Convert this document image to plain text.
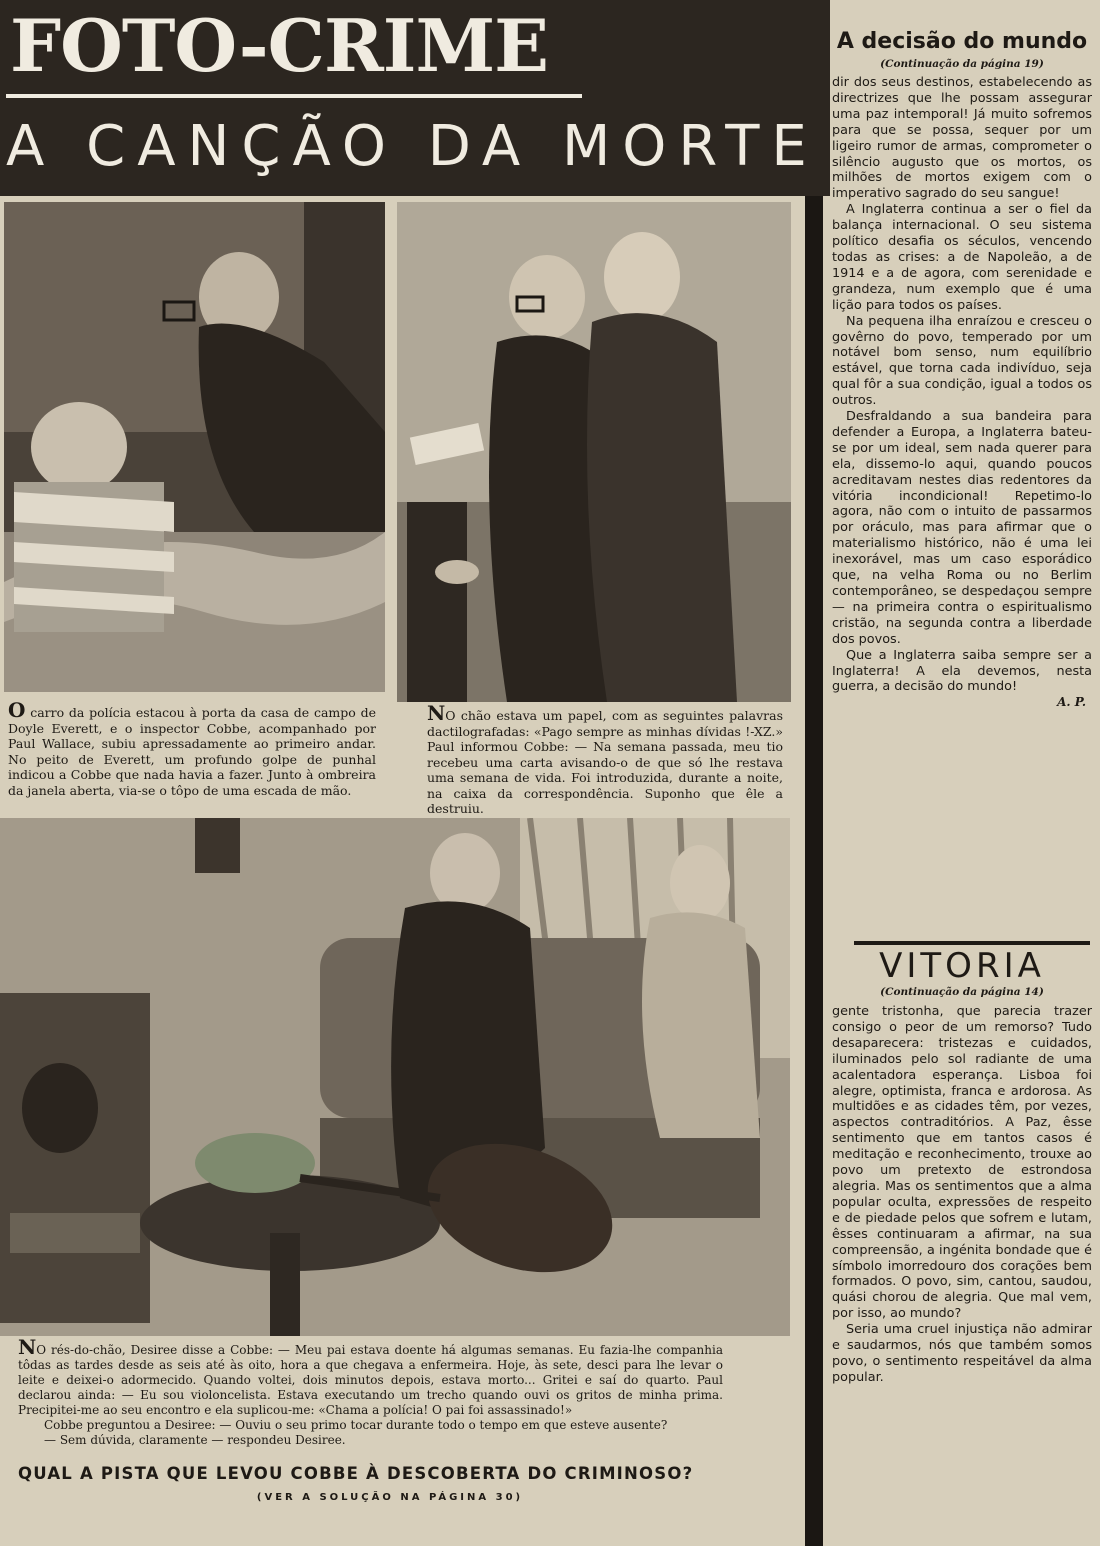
FOTO-CRIME
A CANÇÃO DA MORTE
O carro da polícia estacou à porta da casa de campo de Doyle Everett, e o inspector Cobbe, acompanhado por Paul Wallace, subiu apressadamente ao primeiro andar. No peito de Everett, um profundo golpe de punhal indicou a Cobbe que nada havia a fazer. Junto à ombreira da janela aberta, via-se o tôpo de uma escada de mão.
NO chão estava um papel, com as seguintes palavras dactilografadas: «Pago sempre as minhas dívidas !-XZ.» Paul informou Cobbe: — Na semana passada, meu tio recebeu uma carta avisando-o de que só lhe restava uma semana de vida. Foi introduzida, durante a noite, na caixa da correspondência. Suponho que êle a destruiu.

NO rés-do-chão, Desiree disse a Cobbe: — Meu pai estava doente há algumas semanas. Eu fazia-lhe companhia tôdas as tardes desde as seis até às oito, hora a que chegava a enfermeira. Hoje, às sete, desci para lhe levar o leite e deixei-o adormecido. Quando voltei, dois minutos depois, estava morto... Gritei e saí do quarto. Paul declarou ainda: — Eu sou violoncelista. Estava executando um trecho quando ouvi os gritos de minha prima. Precipitei-me ao seu encontro e ela suplicou-me: «Chama a polícia! O pai foi assassinado!»

Cobbe preguntou a Desiree: — Ouviu o seu primo tocar durante todo o tempo em que esteve ausente?

— Sem dúvida, claramente — respondeu Desiree.

QUAL A PISTA QUE LEVOU COBBE À DESCOBERTA DO CRIMINOSO?
(VER A SOLUÇÃO NA PÁGINA 30)
A decisão do mundo
(Continuação da página 19)

dir dos seus destinos, estabelecendo as directrizes que lhe possam assegurar uma paz intemporal! Já muito sofremos para que se possa, sequer por um ligeiro rumor de armas, comprometer o silêncio augusto que os mortos, os milhões de mortos exigem com o imperativo sagrado do seu sangue!

A Inglaterra continua a ser o fiel da balança internacional. O seu sistema político desafia os séculos, vencendo todas as crises: a de Napoleão, a de 1914 e a de agora, com serenidade e grandeza, num exemplo que é uma lição para todos os países.

Na pequena ilha enraízou e cresceu o govêrno do povo, temperado por um notável bom senso, num equilíbrio estável, que torna cada indivíduo, seja qual fôr a sua condição, igual a todos os outros.

Desfraldando a sua bandeira para defender a Europa, a Inglaterra bateu-se por um ideal, sem nada querer para ela, dissemo-lo aqui, quando poucos acreditavam nestes dias redentores da vitória incondicional! Repetimo-lo agora, não com o intuito de passarmos por oráculo, mas para afirmar que o materialismo histórico, não é uma lei inexorável, mas um caso esporádico que, na velha Roma ou no Berlim contemporâneo, se despedaçou sempre — na primeira contra o espiritualismo cristão, na segunda contra a liberdade dos povos.

Que a Inglaterra saiba sempre ser a Inglaterra! A ela devemos, nesta guerra, a decisão do mundo!

A. P.
VITORIA
(Continuação da página 14)

gente tristonha, que parecia trazer consigo o peor de um remorso? Tudo desaparecera: tristezas e cuidados, iluminados pelo sol radiante de uma acalentadora esperança. Lisboa foi alegre, optimista, franca e ardorosa. As multidões e as cidades têm, por vezes, aspectos contraditórios. A Paz, êsse sentimento que em tantos casos é meditação e reconhecimento, trouxe ao povo um pretexto de estrondosa alegria. Mas os sentimentos que a alma popular oculta, expressões de respeito e de piedade pelos que sofrem e lutam, êsses continuaram a afirmar, na sua compreensão, a ingénita bondade que é símbolo imorredouro dos corações bem formados. O povo, sim, cantou, saudou, quási chorou de alegria. Que mal vem, por isso, ao mundo?

Seria uma cruel injustiça não admirar e saudarmos, nós que também somos povo, o sentimento respeitável da alma popular.
